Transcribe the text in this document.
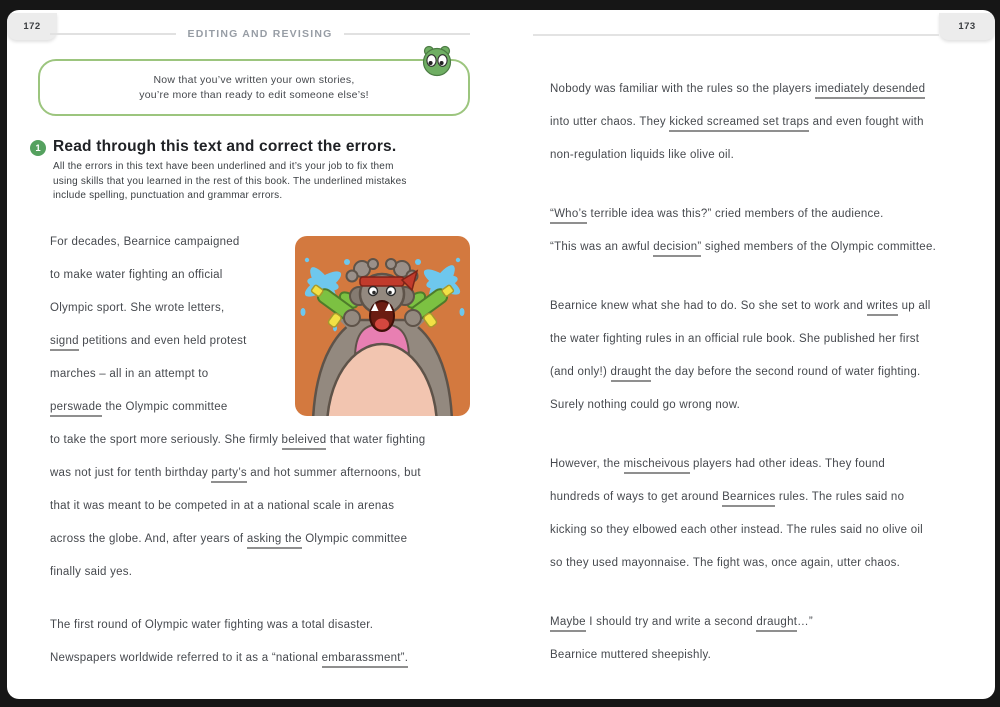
172
EDITING AND REVISING
Now that you’ve written your own stories,
you’re more than ready to edit someone else’s!
1 Read through this text and correct the errors.
All the errors in this text have been underlined and it’s your job to fix them
using skills that you learned in the rest of this book. The underlined mistakes
include spelling, punctuation and grammar errors.
For decades, Bearnice campaigned
to make water fighting an official
Olympic sport. She wrote letters,
signd petitions and even held protest
marches – all in an attempt to
perswade the Olympic committee
to take the sport more seriously. She firmly beleived that water fighting
was not just for tenth birthday party’s and hot summer afternoons, but
that it was meant to be competed in at a national scale in arenas
across the globe. And, after years of asking the Olympic committee
finally said yes.
The first round of Olympic water fighting was a total disaster.
Newspapers worldwide referred to it as a “national embarassment”.
173
Nobody was familiar with the rules so the players imediately desended
into utter chaos. They kicked screamed set traps and even fought with
non-regulation liquids like olive oil.
“Who’s terrible idea was this?” cried members of the audience.
“This was an awful decision” sighed members of the Olympic committee.
Bearnice knew what she had to do. So she set to work and writes up all
the water fighting rules in an official rule book. She published her first
(and only!) draught the day before the second round of water fighting.
Surely nothing could go wrong now.
However, the mischeivous players had other ideas. They found
hundreds of ways to get around Bearnices rules. The rules said no
kicking so they elbowed each other instead. The rules said no olive oil
so they used mayonnaise. The fight was, once again, utter chaos.
Maybe I should try and write a second draught…”
Bearnice muttered sheepishly.
